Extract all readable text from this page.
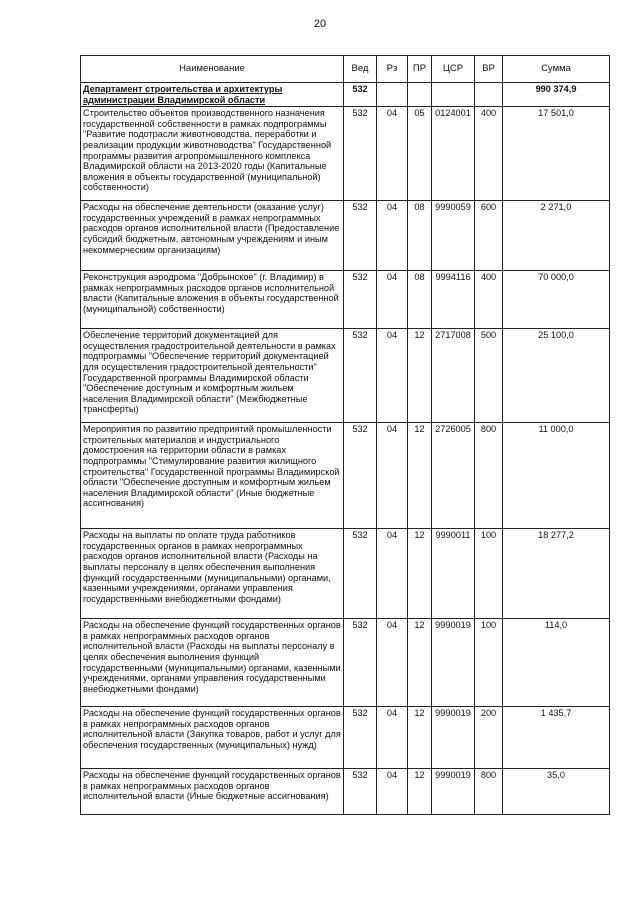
20
Наименование	Вед	Рз	ПР	ЦСР	ВР	Сумма
Департамент строительства и архитектуры администрации Владимирской области	532					990 374,9
Строительство объектов производственного назначения государственной собственности в рамках подпрограммы "Развитие подотрасли животноводства, переработки и реализации продукции животноводства" Государственной программы развития агропромышленного комплекса Владимирской области на 2013-2020 годы (Капитальные вложения в объекты государственной (муниципальной) собственности)	532	04	05	0124001	400	17 501,0
Расходы на обеспечение деятельности (оказание услуг) государственных учреждений в рамках непрограммных расходов органов исполнительной власти (Предоставление субсидий бюджетным, автономным учреждениям и иным некоммерческим организациям)	532	04	08	9990059	600	2 271,0
Реконструкция аэродрома "Добрынское" (г. Владимир) в рамках непрограммных расходов органов исполнительной власти (Капитальные вложения в объекты государственной (муниципальной) собственности)	532	04	08	9994116	400	70 000,0
Обеспечение территорий документацией для осуществления градостроительной деятельности в рамках подпрограммы "Обеспечение территорий документацией для осуществления градостроительной деятельности" Государственной программы Владимирской области "Обеспечение доступным и комфортным жильем населения Владимирской области" (Межбюджетные трансферты)	532	04	12	2717008	500	25 100,0
Мероприятия по развитию предприятий промышленности строительных материалов и индустриального домостроения на территории области в рамках подпрограммы "Стимулирование развития жилищного строительства" Государственной программы Владимирской области "Обеспечение доступным и комфортным жильем населения Владимирской области" (Иные бюджетные ассигнования)	532	04	12	2726005	800	11 000,0
Расходы на выплаты по оплате труда работников государственных органов в рамках непрограммных расходов органов исполнительной власти (Расходы на выплаты персоналу в целях обеспечения выполнения функций государственными (муниципальными) органами, казенными учреждениями, органами управления государственными внебюджетными фондами)	532	04	12	9990011	100	18 277,2
Расходы на обеспечение функций государственных органов в рамках непрограммных расходов органов исполнительной власти (Расходы на выплаты персоналу в целях обеспечения выполнения функций государственными (муниципальными) органами, казенными учреждениями, органами управления государственными внебюджетными фондами)	532	04	12	9990019	100	114,0
Расходы на обеспечение функций государственных органов в рамках непрограммных расходов органов исполнительной власти (Закупка товаров, работ и услуг для обеспечения государственных (муниципальных) нужд)	532	04	12	9990019	200	1 435,7
Расходы на обеспечение функций государственных органов в рамках непрограммных расходов органов исполнительной власти (Иные бюджетные ассигнования)	532	04	12	9990019	800	35,0
